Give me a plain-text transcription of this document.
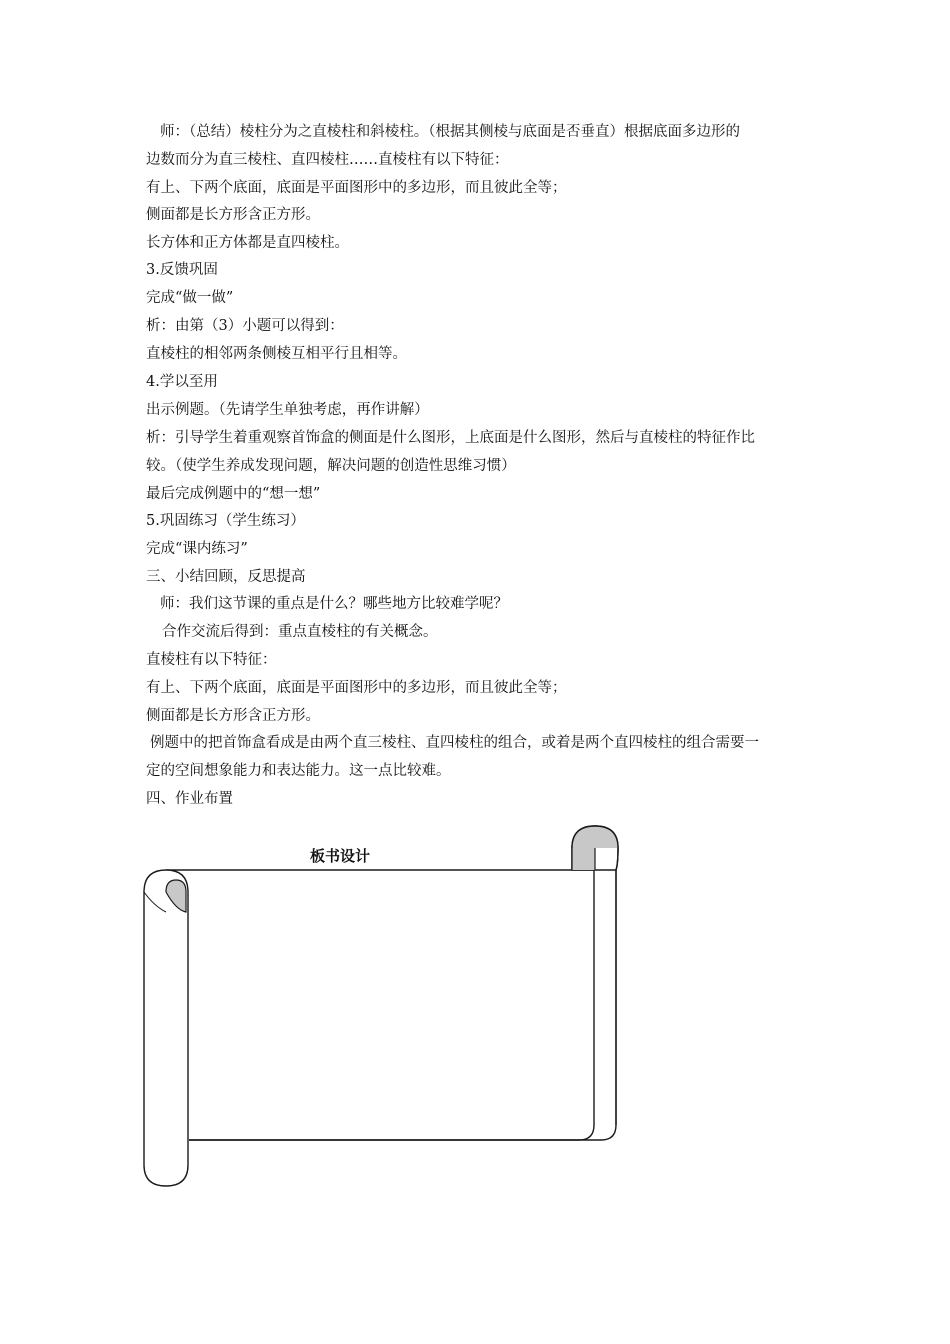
师：（总结）棱柱分为之直棱柱和斜棱柱。（根据其侧棱与底面是否垂直）根据底面多边形的
边数而分为直三棱柱、直四棱柱……直棱柱有以下特征：
有上、下两个底面，底面是平面图形中的多边形，而且彼此全等；
侧面都是长方形含正方形。
长方体和正方体都是直四棱柱。
3.反馈巩固
完成“做一做”
析：由第（3）小题可以得到：
直棱柱的相邻两条侧棱互相平行且相等。
4.学以至用
出示例题。（先请学生单独考虑，再作讲解）
析：引导学生着重观察首饰盒的侧面是什么图形，上底面是什么图形，然后与直棱柱的特征作比
较。（使学生养成发现问题，解决问题的创造性思维习惯）
最后完成例题中的“想一想”
5.巩固练习（学生练习）
完成“课内练习”
三、小结回顾，反思提高
师：我们这节课的重点是什么？哪些地方比较难学呢？
合作交流后得到：重点直棱柱的有关概念。
直棱柱有以下特征：
有上、下两个底面，底面是平面图形中的多边形，而且彼此全等；
侧面都是长方形含正方形。
例题中的把首饰盒看成是由两个直三棱柱、直四棱柱的组合，或着是两个直四棱柱的组合需要一
定的空间想象能力和表达能力。这一点比较难。
四、作业布置
板书设计
